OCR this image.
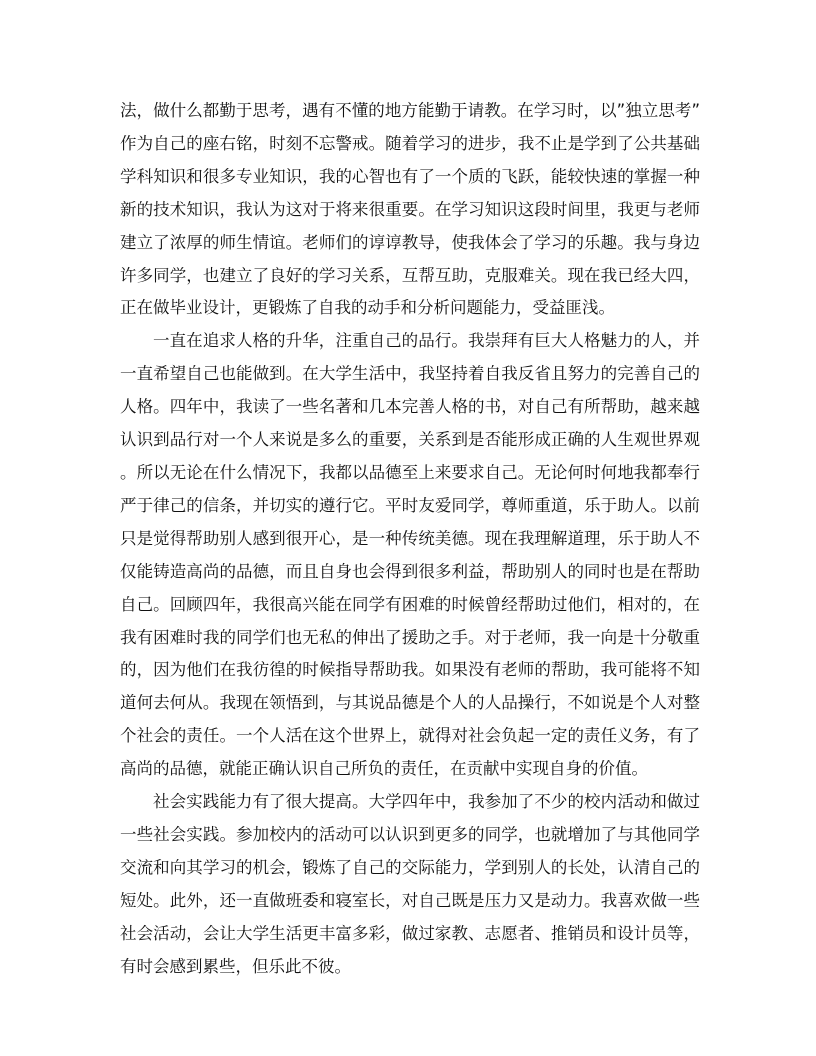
法，做什么都勤于思考，遇有不懂的地方能勤于请教。在学习时，以”独立思考”作为自己的座右铭，时刻不忘警戒。随着学习的进步，我不止是学到了公共基础学科知识和很多专业知识，我的心智也有了一个质的飞跃，能较快速的掌握一种新的技术知识，我认为这对于将来很重要。在学习知识这段时间里，我更与老师建立了浓厚的师生情谊。老师们的谆谆教导，使我体会了学习的乐趣。我与身边许多同学，也建立了良好的学习关系，互帮互助，克服难关。现在我已经大四，正在做毕业设计，更锻炼了自我的动手和分析问题能力，受益匪浅。

一直在追求人格的升华，注重自己的品行。我崇拜有巨大人格魅力的人，并一直希望自己也能做到。在大学生活中，我坚持着自我反省且努力的完善自己的人格。四年中，我读了一些名著和几本完善人格的书，对自己有所帮助，越来越认识到品行对一个人来说是多么的重要，关系到是否能形成正确的人生观世界观。所以无论在什么情况下，我都以品德至上来要求自己。无论何时何地我都奉行严于律己的信条，并切实的遵行它。平时友爱同学，尊师重道，乐于助人。以前只是觉得帮助别人感到很开心，是一种传统美德。现在我理解道理，乐于助人不仅能铸造高尚的品德，而且自身也会得到很多利益，帮助别人的同时也是在帮助自己。回顾四年，我很高兴能在同学有困难的时候曾经帮助过他们，相对的，在我有困难时我的同学们也无私的伸出了援助之手。对于老师，我一向是十分敬重的，因为他们在我彷徨的时候指导帮助我。如果没有老师的帮助，我可能将不知道何去何从。我现在领悟到，与其说品德是个人的人品操行，不如说是个人对整个社会的责任。一个人活在这个世界上，就得对社会负起一定的责任义务，有了高尚的品德，就能正确认识自己所负的责任，在贡献中实现自身的价值。

社会实践能力有了很大提高。大学四年中，我参加了不少的校内活动和做过一些社会实践。参加校内的活动可以认识到更多的同学，也就增加了与其他同学交流和向其学习的机会，锻炼了自己的交际能力，学到别人的长处，认清自己的短处。此外，还一直做班委和寝室长，对自己既是压力又是动力。我喜欢做一些社会活动，会让大学生活更丰富多彩，做过家教、志愿者、推销员和设计员等，有时会感到累些，但乐此不彼。
